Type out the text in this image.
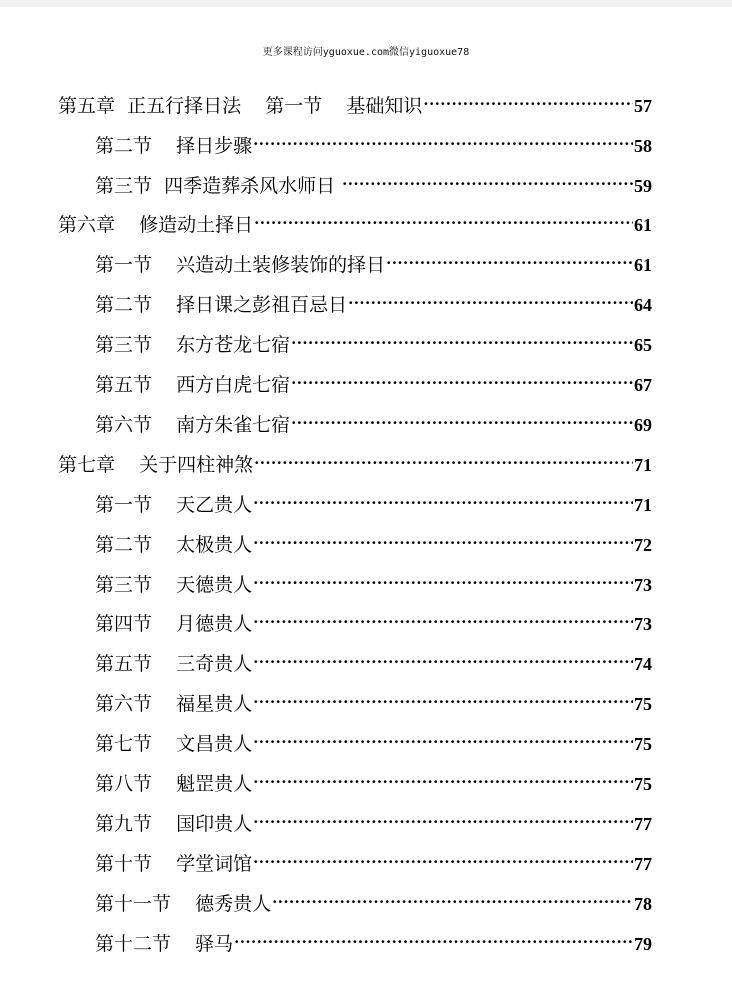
更多课程访问yguoxue.com微信yiguoxue78
第五章  正五行择日法    第一节    基础知识 .....	57
第二节    择日步骤 .....	58
第三节  四季造葬杀风水师日 .....	59
第六章    修造动土择日 .....	61
第一节    兴造动土装修装饰的择日 .....	61
第二节    择日课之彭祖百忌日 .....	64
第三节    东方苍龙七宿 .....	65
第五节    西方白虎七宿 .....	67
第六节    南方朱雀七宿 .....	69
第七章    关于四柱神煞 .....	71
第一节    天乙贵人 .....	71
第二节    太极贵人 .....	72
第三节    天德贵人 .....	73
第四节    月德贵人 .....	73
第五节    三奇贵人 .....	74
第六节    福星贵人 .....	75
第七节    文昌贵人 .....	75
第八节    魁罡贵人 .....	75
第九节    国印贵人 .....	77
第十节    学堂词馆 .....	77
第十一节    德秀贵人 .....	78
第十二节    驿马 .....	79
